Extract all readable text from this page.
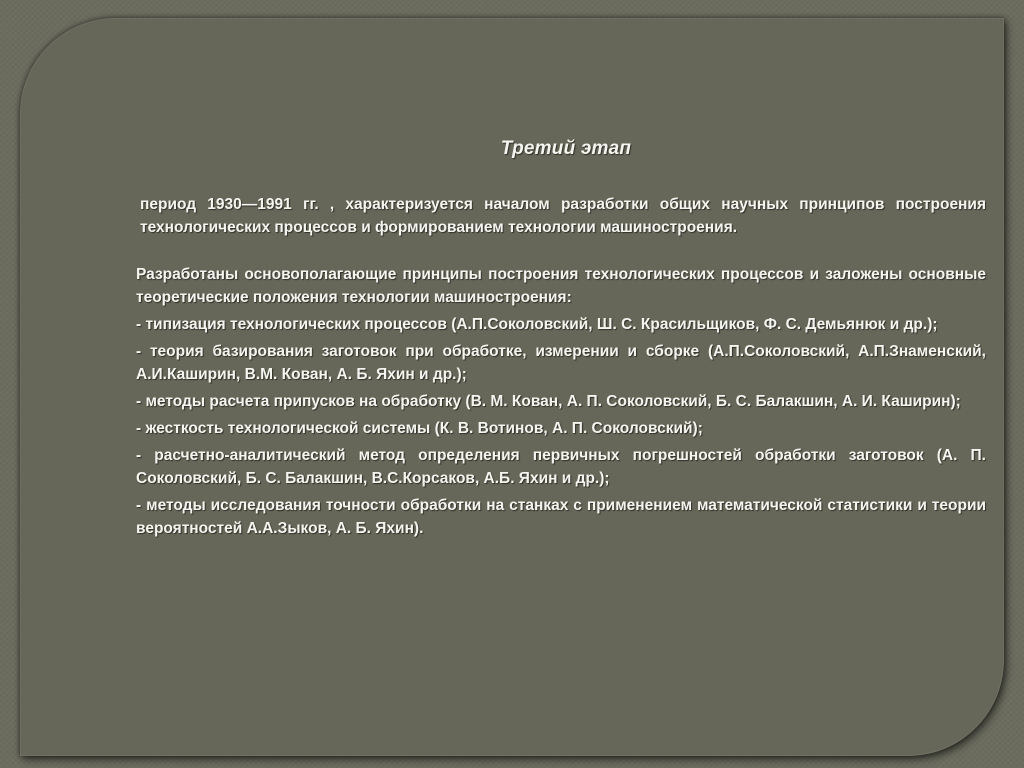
Третий этап

период 1930—1991 гг. , характеризуется началом разработки общих научных принципов построения технологических процессов и формированием технологии машиностроения.

Разработаны основополагающие принципы построения технологических процессов и заложены основные теоретические положения технологии машиностроения:

- типизация технологических процессов (А.П.Соколовский, Ш. С. Красильщиков, Ф. С. Демьянюк и др.);

- теория базирования заготовок при обработке, измерении и сборке (А.П.Соколовский, А.П.Знаменский, А.И.Каширин, В.М. Кован, А. Б. Яхин и др.);

- методы расчета припусков на обработку (В. М. Кован, А. П. Соколовский, Б. С. Балакшин, А. И. Каширин);

- жесткость технологической системы (К. В. Вотинов, А. П. Соколовский);

- расчетно-аналитический метод определения первичных погрешностей обработки заготовок (А. П. Соколовский, Б. С. Балакшин, В.С.Корсаков, А.Б. Яхин и др.);

- методы исследования точности обработки на станках с применением математической статистики и теории вероятностей А.А.Зыков, А. Б. Яхин).
